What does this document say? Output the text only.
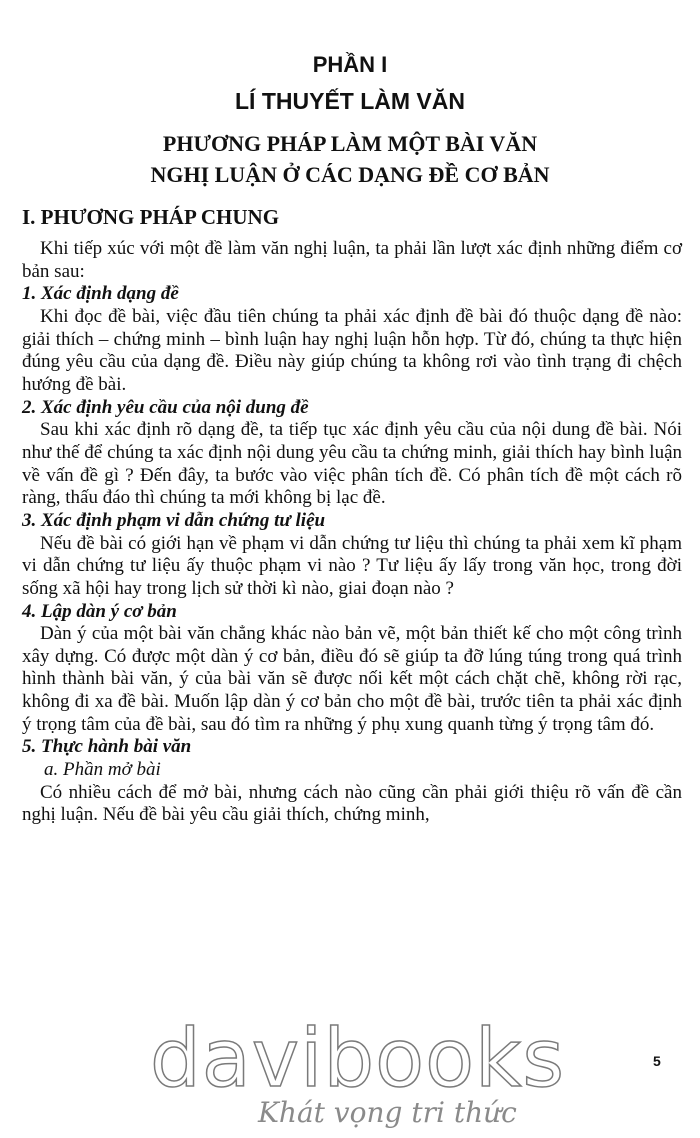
PHẦN I
LÍ THUYẾT LÀM VĂN
PHƯƠNG PHÁP LÀM MỘT BÀI VĂN
NGHỊ LUẬN Ở CÁC DẠNG ĐỀ CƠ BẢN
I. PHƯƠNG PHÁP CHUNG

Khi tiếp xúc với một đề làm văn nghị luận, ta phải lần lượt xác định những điểm cơ bản sau:

1. Xác định dạng đề

Khi đọc đề bài, việc đầu tiên chúng ta phải xác định đề bài đó thuộc dạng đề nào: giải thích – chứng minh – bình luận hay nghị luận hỗn hợp. Từ đó, chúng ta thực hiện đúng yêu cầu của dạng đề. Điều này giúp chúng ta không rơi vào tình trạng đi chệch hướng đề bài.

2. Xác định yêu cầu của nội dung đề

Sau khi xác định rõ dạng đề, ta tiếp tục xác định yêu cầu của nội dung đề bài. Nói như thế để chúng ta xác định nội dung yêu cầu ta chứng minh, giải thích hay bình luận về vấn đề gì ? Đến đây, ta bước vào việc phân tích đề. Có phân tích đề một cách rõ ràng, thấu đáo thì chúng ta mới không bị lạc đề.

3. Xác định phạm vi dẫn chứng tư liệu

Nếu đề bài có giới hạn về phạm vi dẫn chứng tư liệu thì chúng ta phải xem kĩ phạm vi dẫn chứng tư liệu ấy thuộc phạm vi nào ? Tư liệu ấy lấy trong văn học, trong đời sống xã hội hay trong lịch sử thời kì nào, giai đoạn nào ?

4. Lập dàn ý cơ bản

Dàn ý của một bài văn chẳng khác nào bản vẽ, một bản thiết kế cho một công trình xây dựng. Có được một dàn ý cơ bản, điều đó sẽ giúp ta đỡ lúng túng trong quá trình hình thành bài văn, ý của bài văn sẽ được nối kết một cách chặt chẽ, không rời rạc, không đi xa đề bài. Muốn lập dàn ý cơ bản cho một đề bài, trước tiên ta phải xác định ý trọng tâm của đề bài, sau đó tìm ra những ý phụ xung quanh từng ý trọng tâm đó.

5. Thực hành bài văn

a. Phần mở bài

Có nhiều cách để mở bài, nhưng cách nào cũng cần phải giới thiệu rõ vấn đề cần nghị luận. Nếu đề bài yêu cầu giải thích, chứng minh,

davibooks
Khát vọng tri thức
5
